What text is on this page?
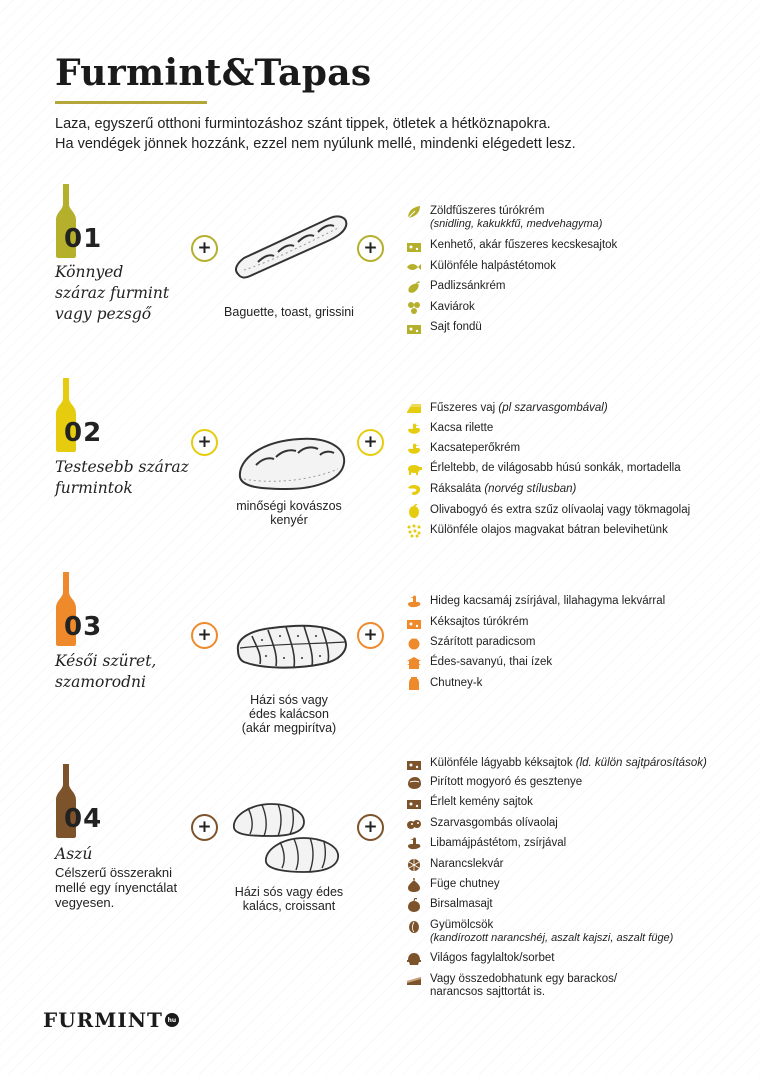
Furmint&Tapas

Laza, egyszerű otthoni furmintozáshoz szánt tippek, ötletek a hétköznapokra.

Ha vendégek jönnek hozzánk, ezzel nem nyúlunk mellé, mindenki elégedett lesz.

01
Könnyed
száraz furmint
vagy pezsgő
+
Baguette, toast, grissini
+
Zöldfűszeres túrókrém
(snidling, kakukkfű, medvehagyma)
Kenhető, akár fűszeres kecskesajtok
Különféle halpástétomok
Padlizsánkrém
Kaviárok
Sajt fondü
02
Testesebb száraz
furmintok
+
minőségi kovászos
kenyér
+
Fűszeres vaj (pl szarvasgombával)
Kacsa rilette
Kacsateperőkrém
Érleltebb, de világosabb húsú sonkák, mortadella
Ráksaláta (norvég stílusban)
Olivabogyó és extra szűz olívaolaj vagy tökmagolaj
Különféle olajos magvakat bátran belevihetünk
03
Késői szüret,
szamorodni
+
Házi sós vagy
édes kalácson
(akár megpirítva)
+
Hideg kacsamáj zsírjával, lilahagyma lekvárral
Kéksajtos túrókrém
Szárított paradicsom
Édes-savanyú, thai ízek
Chutney-k
04
Aszú
Célszerű összerakni
mellé egy ínyenctálat
vegyesen.
+
Házi sós vagy édes
kalács, croissant
+
Különféle lágyabb kéksajtok (ld. külön sajtpárosítások)
Pirított mogyoró és gesztenye
Érlelt kemény sajtok
Szarvasgombás olívaolaj
Libamájpástétom, zsírjával
Narancslekvár
Füge chutney
Birsalmasajt
Gyümölcsök
(kandírozott narancshéj, aszalt kajszi, aszalt füge)
Világos fagylaltok/sorbet
Vagy összedobhatunk egy barackos/
narancsos sajttortát is.
FURMINT hu
